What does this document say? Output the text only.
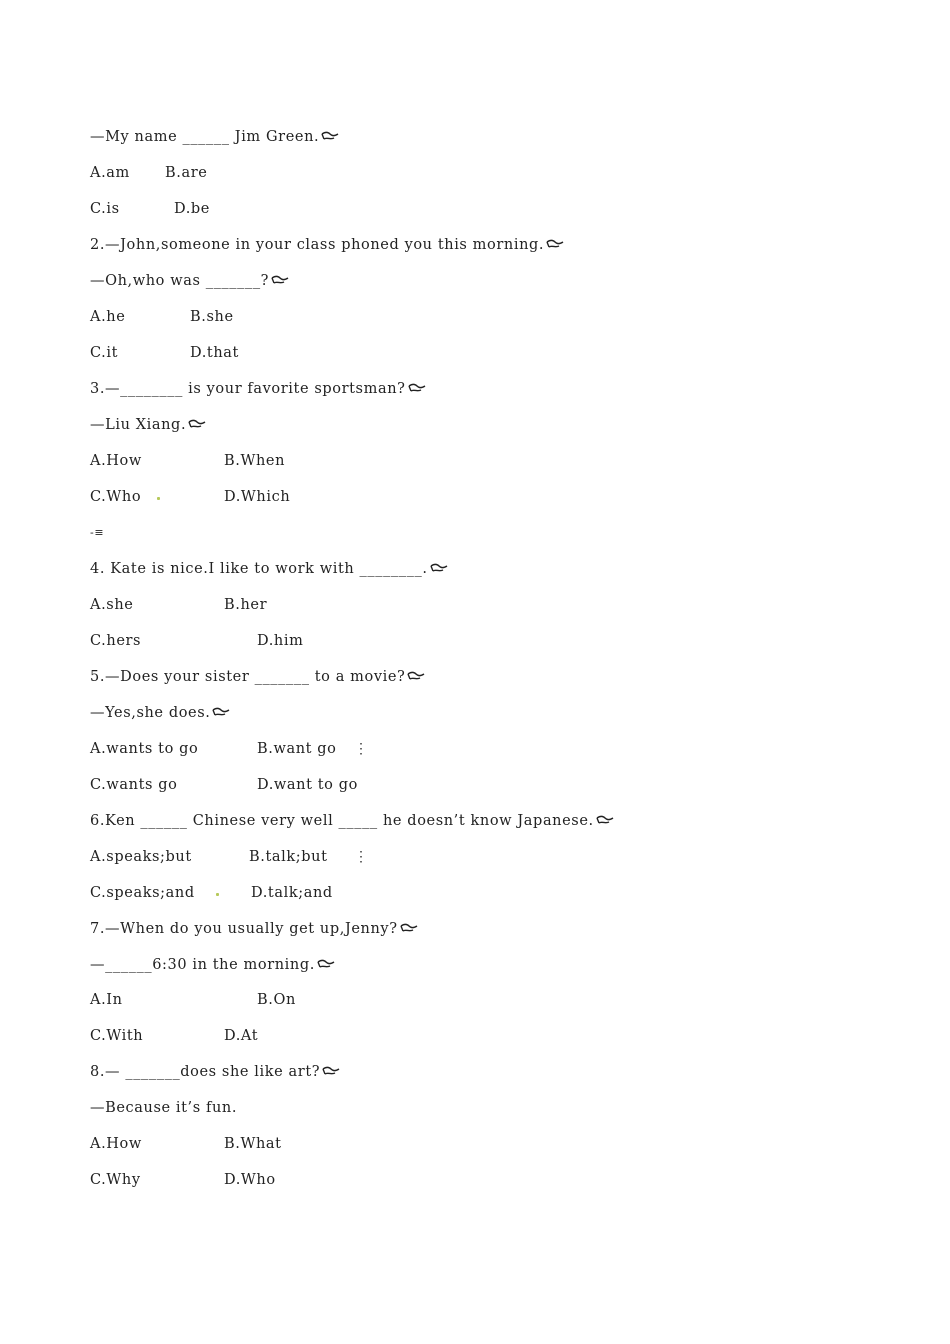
—My name ______ Jim Green.
A.am B.are
C.is	D.be
2.—John,someone in your class phoned you this morning.
—Oh,who was _______?
A.he	B.she
C.it	D.that
3.—________ is your favorite sportsman?
—Liu Xiang.
A.How	B.When
C.Who	D.Which
-≡
4. Kate is nice.I like to work with ________.
A.she	B.her
C.hers	D.him
5.—Does your sister _______ to a movie?
—Yes,she does.
A.wants to go	B.want go ⋮
C.wants go	D.want to go
6.Ken ______ Chinese very well _____ he doesn’t know Japanese.
A.speaks;but	B.talk;but ⋮
C.speaks;and	D.talk;and
7.—When do you usually get up,Jenny?
—______6:30 in the morning.
A.In	B.On
C.With	D.At
8.— _______does she like art?
—Because it’s fun.
A.How	B.What
C.Why	D.Who
